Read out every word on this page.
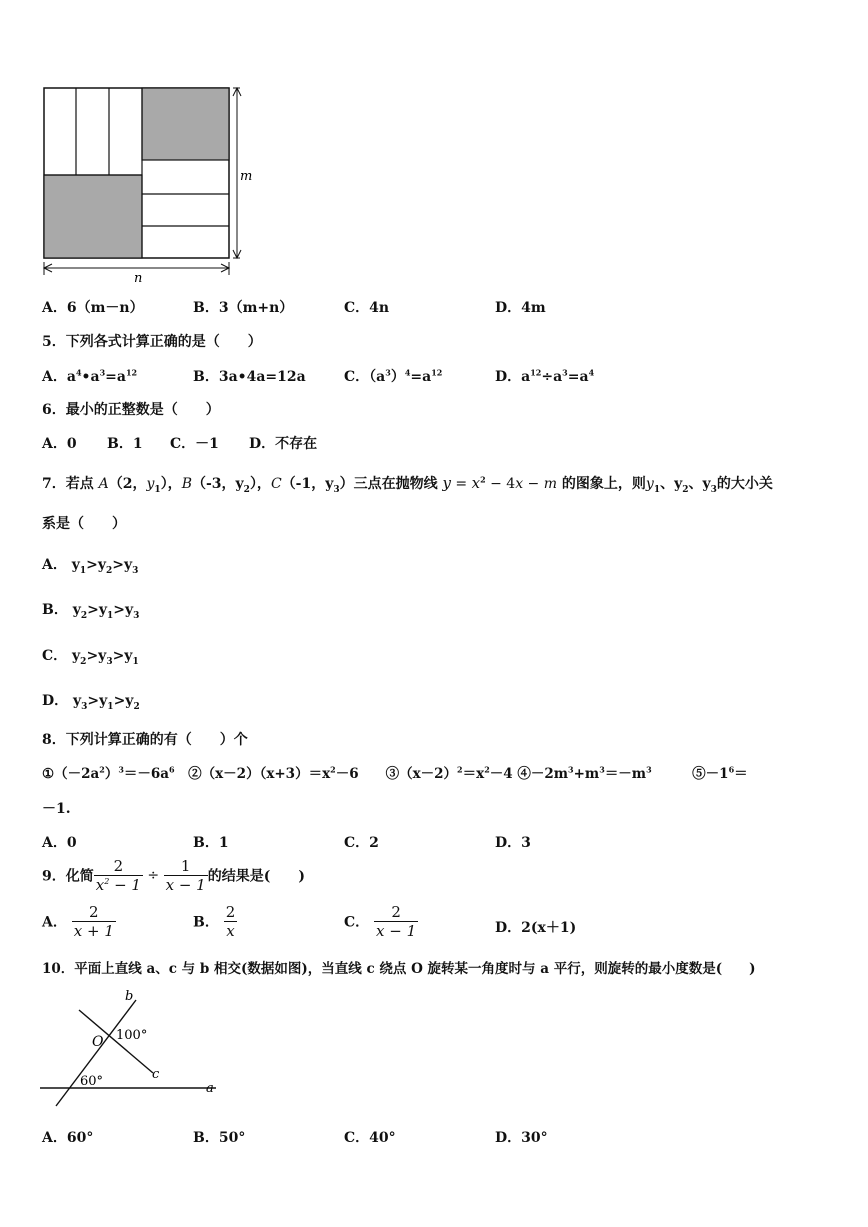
m
n
A．6（m－n）	B．3（m+n）	C．4n	D．4m
5．下列各式计算正确的是（　　）
A．$a^4•a^3=a^{12}$	B．3a•4a=12a	C．$(a^3)^4=a^{12}$	D．$a^{12}\div a^3=a^4$
6．最小的正整数是（　　）
A．0 B．1 C．－1 D．不存在
7．若点 A（2，$y_1$），B（-3，$y_2$），C（-1，$y_3$）三点在抛物线 $y = x^2 - 4x - m$ 的图象上，则$y_1$、$y_2$、$y_3$的大小关
系是（　　）
A． $y_1>y_2>y_3$
B． $y_2>y_1>y_3$
C． $y_2>y_3>y_1$
D． $y_3>y_1>y_2$
8．下列计算正确的有（　　）个
$①(-2a^2)^3=-6a^6$　$②(x-2)(x+3)=x^2-6$　　$③(x-2)^2=x^2-4$ $④-2m^3+m^3=-m^3$　　　$⑤-1^6=$
－1.
A．0	B．1	C．2	D．3
9．化简 $\frac{2}{x^2 - 1} \div \frac{1}{x - 1}$ 的结果是(　　)
A． $\frac{2}{x + 1}$	B． $\frac{2}{x}$	C． $\frac{2}{x - 1}$	D．2(x＋1)
10．平面上直线 a、c 与 b 相交(数据如图)，当直线 c 绕点 O 旋转某一角度时与 a 平行，则旋转的最小度数是(　　)
b
O 100°
60°	c
a
A．60°	B．50°	C．40°	D．30°
